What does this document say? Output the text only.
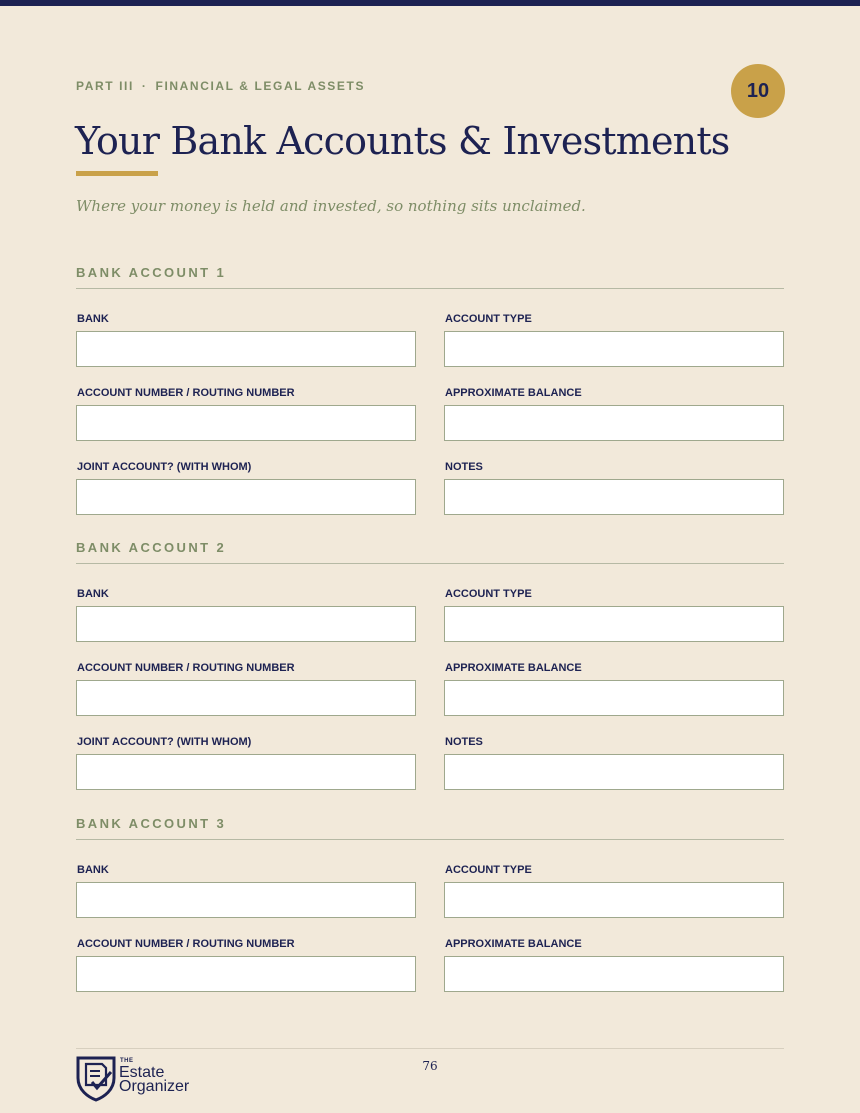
PART III · FINANCIAL & LEGAL ASSETS	10
Your Bank Accounts & Investments

Where your money is held and invested, so nothing sits unclaimed.

BANK ACCOUNT 1
BANK	ACCOUNT TYPE
ACCOUNT NUMBER / ROUTING NUMBER	APPROXIMATE BALANCE
JOINT ACCOUNT? (WITH WHOM)	NOTES
BANK ACCOUNT 2
BANK	ACCOUNT TYPE
ACCOUNT NUMBER / ROUTING NUMBER	APPROXIMATE BALANCE
JOINT ACCOUNT? (WITH WHOM)	NOTES
BANK ACCOUNT 3
BANK	ACCOUNT TYPE
ACCOUNT NUMBER / ROUTING NUMBER	APPROXIMATE BALANCE
THE
Estate
Organizer
76
